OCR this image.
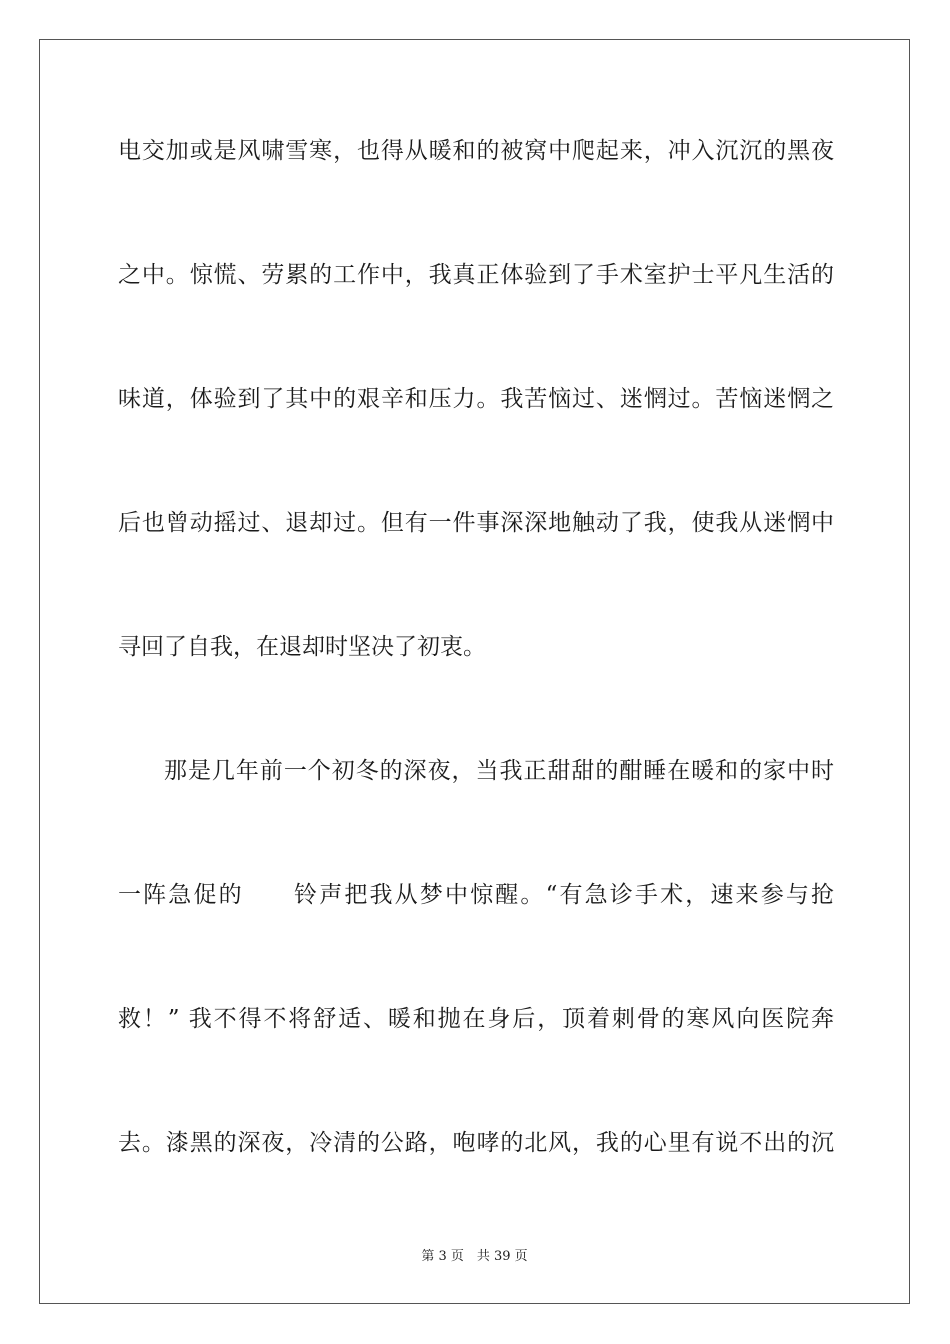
电交加或是风啸雪寒，也得从暖和的被窝中爬起来，冲入沉沉的黑夜

之中。惊慌、劳累的工作中，我真正体验到了手术室护士平凡生活的

味道，体验到了其中的艰辛和压力。我苦恼过、迷惘过。苦恼迷惘之

后也曾动摇过、退却过。但有一件事深深地触动了我，使我从迷惘中

寻回了自我，在退却时坚决了初衷。

那是几年前一个初冬的深夜，当我正甜甜的酣睡在暖和的家中时

一阵急促的　　铃声把我从梦中惊醒。“有急诊手术，速来参与抢

救！” 我不得不将舒适、暖和抛在身后，顶着刺骨的寒风向医院奔

去。漆黑的深夜，冷清的公路，咆哮的北风，我的心里有说不出的沉

第 3 页　共 39 页
